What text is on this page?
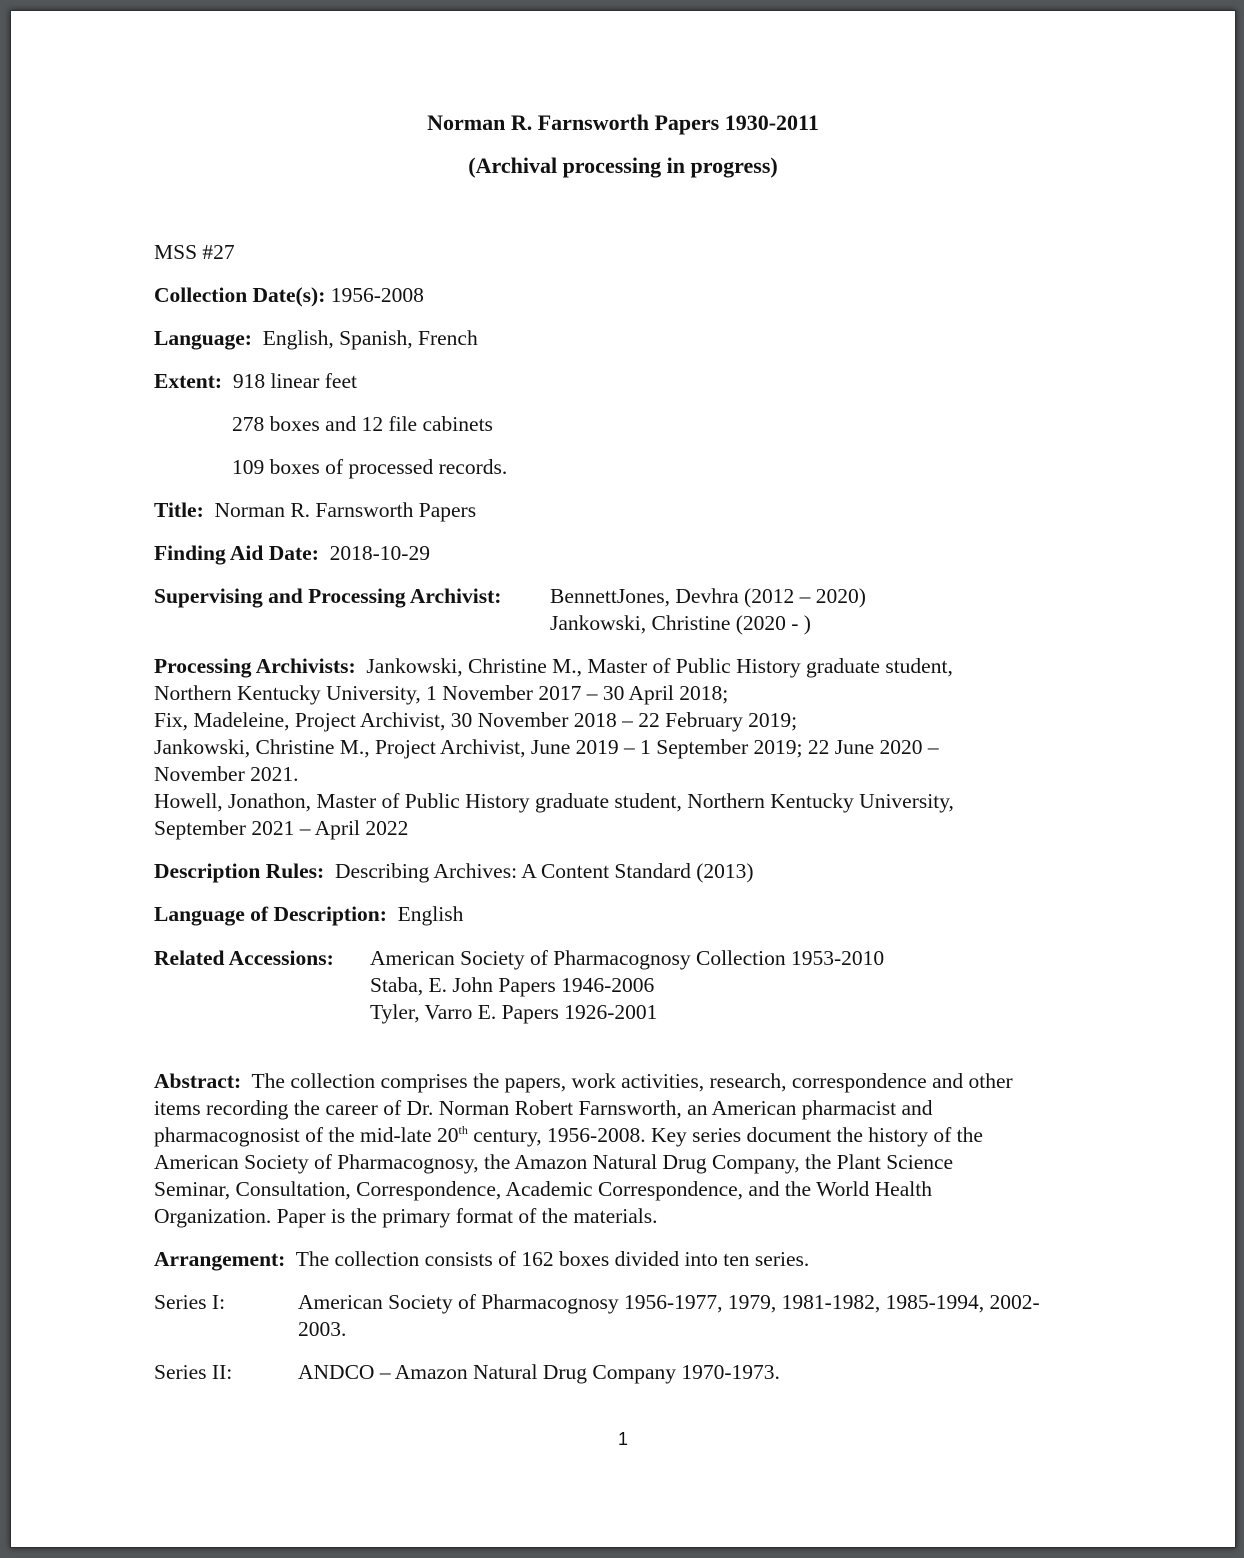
Norman R. Farnsworth Papers 1930-2011
(Archival processing in progress)
MSS #27
Collection Date(s): 1956-2008
Language: English, Spanish, French
Extent: 918 linear feet
278 boxes and 12 file cabinets
109 boxes of processed records.
Title: Norman R. Farnsworth Papers
Finding Aid Date: 2018-10-29
Supervising and Processing Archivist: BennettJones, Devhra (2012 – 2020)
Jankowski, Christine (2020 - )
Processing Archivists: Jankowski, Christine M., Master of Public History graduate student,
Northern Kentucky University, 1 November 2017 – 30 April 2018;
Fix, Madeleine, Project Archivist, 30 November 2018 – 22 February 2019;
Jankowski, Christine M., Project Archivist, June 2019 – 1 September 2019; 22 June 2020 –
November 2021.
Howell, Jonathon, Master of Public History graduate student, Northern Kentucky University,
September 2021 – April 2022
Description Rules: Describing Archives: A Content Standard (2013)
Language of Description: English
Related Accessions: American Society of Pharmacognosy Collection 1953-2010
Staba, E. John Papers 1946-2006
Tyler, Varro E. Papers 1926-2001
Abstract: The collection comprises the papers, work activities, research, correspondence and other
items recording the career of Dr. Norman Robert Farnsworth, an American pharmacist and
pharmacognosist of the mid-late 20th century, 1956-2008. Key series document the history of the
American Society of Pharmacognosy, the Amazon Natural Drug Company, the Plant Science
Seminar, Consultation, Correspondence, Academic Correspondence, and the World Health
Organization. Paper is the primary format of the materials.
Arrangement: The collection consists of 162 boxes divided into ten series.
Series I:	American Society of Pharmacognosy 1956-1977, 1979, 1981-1982, 1985-1994, 2002-
2003.
Series II:	ANDCO – Amazon Natural Drug Company 1970-1973.
1
